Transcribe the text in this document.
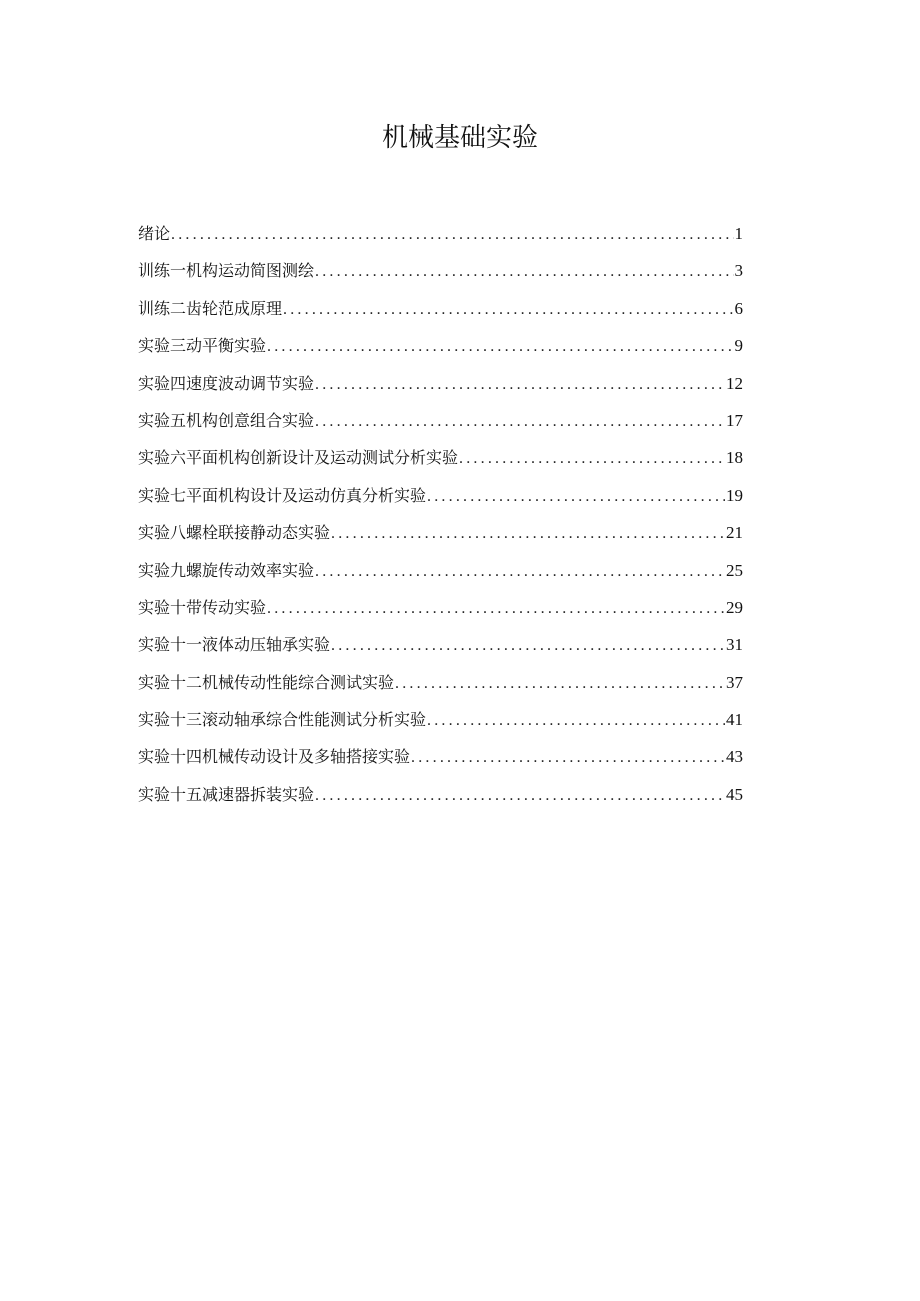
机械基础实验
绪论 .....	1
训练一机构运动简图测绘 .....	3
训练二齿轮范成原理 .....	6
实验三动平衡实验 .....	9
实验四速度波动调节实验 .....	12
实验五机构创意组合实验 .....	17
实验六平面机构创新设计及运动测试分析实验 .....	18
实验七平面机构设计及运动仿真分析实验 .....	19
实验八螺栓联接静动态实验 .....	21
实验九螺旋传动效率实验 .....	25
实验十带传动实验 .....	29
实验十一液体动压轴承实验 .....	31
实验十二机械传动性能综合测试实验 .....	37
实验十三滚动轴承综合性能测试分析实验 .....	41
实验十四机械传动设计及多轴搭接实验 .....	43
实验十五减速器拆装实验 .....	45
